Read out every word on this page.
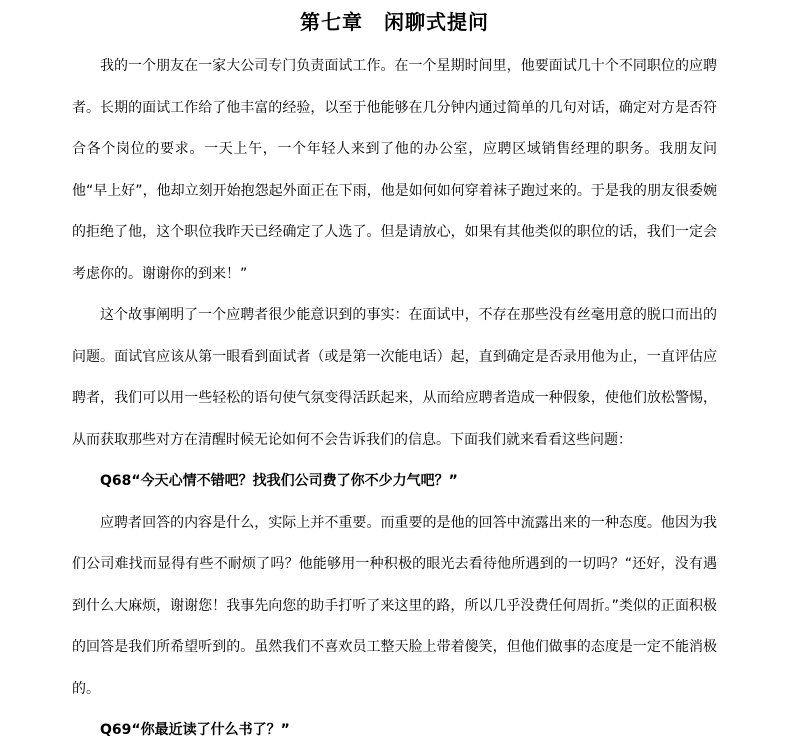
第七章　闲聊式提问

我的一个朋友在一家大公司专门负责面试工作。在一个星期时间里，他要面试几十个不同职位的应聘者。长期的面试工作给了他丰富的经验，以至于他能够在几分钟内通过简单的几句对话，确定对方是否符合各个岗位的要求。一天上午，一个年轻人来到了他的办公室，应聘区域销售经理的职务。我朋友问他“早上好”，他却立刻开始抱怨起外面正在下雨，他是如何如何穿着袜子跑过来的。于是我的朋友很委婉的拒绝了他，这个职位我昨天已经确定了人选了。但是请放心，如果有其他类似的职位的话，我们一定会考虑你的。谢谢你的到来！”

这个故事阐明了一个应聘者很少能意识到的事实：在面试中，不存在那些没有丝毫用意的脱口而出的问题。面试官应该从第一眼看到面试者（或是第一次能电话）起，直到确定是否录用他为止，一直评估应聘者，我们可以用一些轻松的语句使气氛变得活跃起来，从而给应聘者造成一种假象，使他们放松警惕，从而获取那些对方在清醒时候无论如何不会告诉我们的信息。下面我们就来看看这些问题：

Q68“今天心情不错吧？找我们公司费了你不少力气吧？”

应聘者回答的内容是什么，实际上并不重要。而重要的是他的回答中流露出来的一种态度。他因为我们公司难找而显得有些不耐烦了吗？他能够用一种积极的眼光去看待他所遇到的一切吗？“还好，没有遇到什么大麻烦，谢谢您！我事先向您的助手打听了来这里的路，所以几乎没费任何周折。”类似的正面积极的回答是我们所希望听到的。虽然我们不喜欢员工整天脸上带着傻笑，但他们做事的态度是一定不能消极的。

Q69“你最近读了什么书了？”
